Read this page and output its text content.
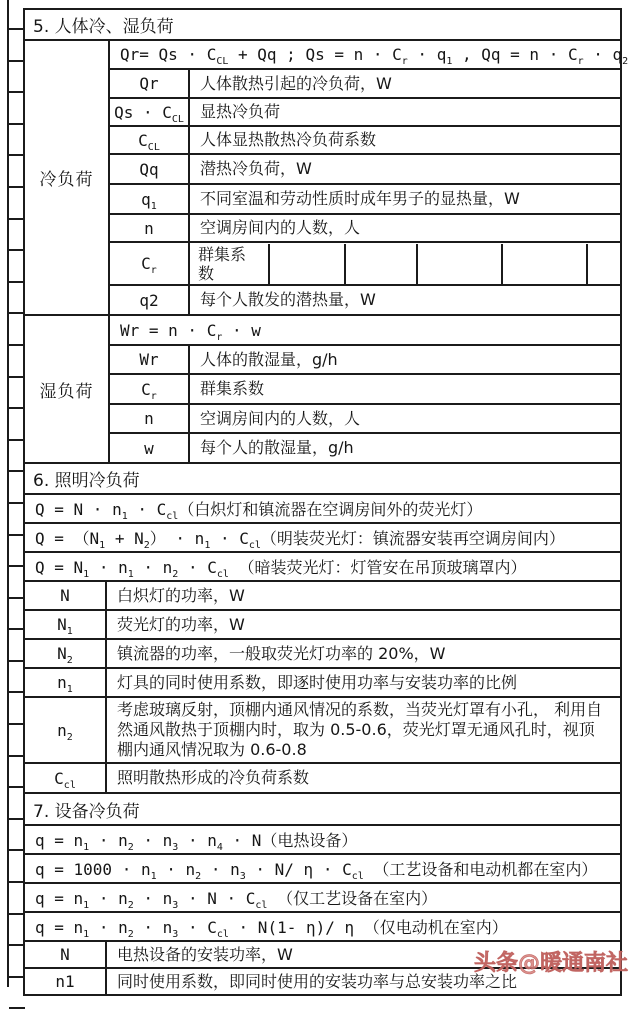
5. 人体冷、湿负荷		
冷负荷	$Qr= Qs \cdot C_{CL} + Qq$ ; $Qs = n \cdot C_r \cdot q_1$ , $Qq = n \cdot C_r \cdot q_2$
	Qr	人体散热引起的冷负荷，W
	$Qs \cdot C_{CL}$	显热冷负荷
	$C_{CL}$	人体显热散热冷负荷系数
	Qq	潜热冷负荷，W
	$q_1$	不同室温和劳动性质时成年男子的显热量，W
	n	空调房间内的人数，人
	$C_r$	群集系数

	q2	每个人散发的潜热量，W
湿负荷	$Wr = n \cdot C_r \cdot w$	
	Wr	人体的散湿量，g/h
	$C_r$	群集系数
	n	空调房间内的人数，人
	w	每个人的散湿量，g/h
6. 照明冷负荷	
$Q = N \cdot n_1 \cdot C_{cl}$（白炽灯和镇流器在空调房间外的荧光灯）	
$Q = (N_1 + N_2) \cdot n_1 \cdot C_{cl}$（明装荧光灯：镇流器安装再空调房间内）	
$Q = N_1 \cdot n_1 \cdot n_2 \cdot C_{cl}$ （暗装荧光灯：灯管安在吊顶玻璃罩内）	
N	白炽灯的功率，W
$N_1$	荧光灯的功率，W
$N_2$	镇流器的功率，一般取荧光灯功率的 20%，W
$n_1$	灯具的同时使用系数，即逐时使用功率与安装功率的比例
$n_2$	考虑玻璃反射，顶棚内通风情况的系数，当荧光灯罩有小孔， 利用自然通风散热于顶棚内时，取为 0.5-0.6，荧光灯罩无通风孔时，视顶棚内通风情况取为 0.6-0.8
$C_{cl}$	照明散热形成的冷负荷系数
7. 设备冷负荷	
$q = n_1 \cdot n_2 \cdot n_3 \cdot n_4 \cdot N$（电热设备）	
$q = 1000 \cdot n_1 \cdot n_2 \cdot n_3 \cdot N/$ $\eta \cdot C_{cl}$ （工艺设备和电动机都在室内）	
$q = n_1 \cdot n_2 \cdot n_3 \cdot N \cdot C_{cl}$ （仅工艺设备在室内）	
$q = n_1 \cdot n_2 \cdot n_3 \cdot C_{cl} \cdot N(1-$ η)/ η （仅电动机在室内）	
N	电热设备的安装功率，W
n1	同时使用系数，即同时使用的安装功率与总安装功率之比
头条@暖通南社
